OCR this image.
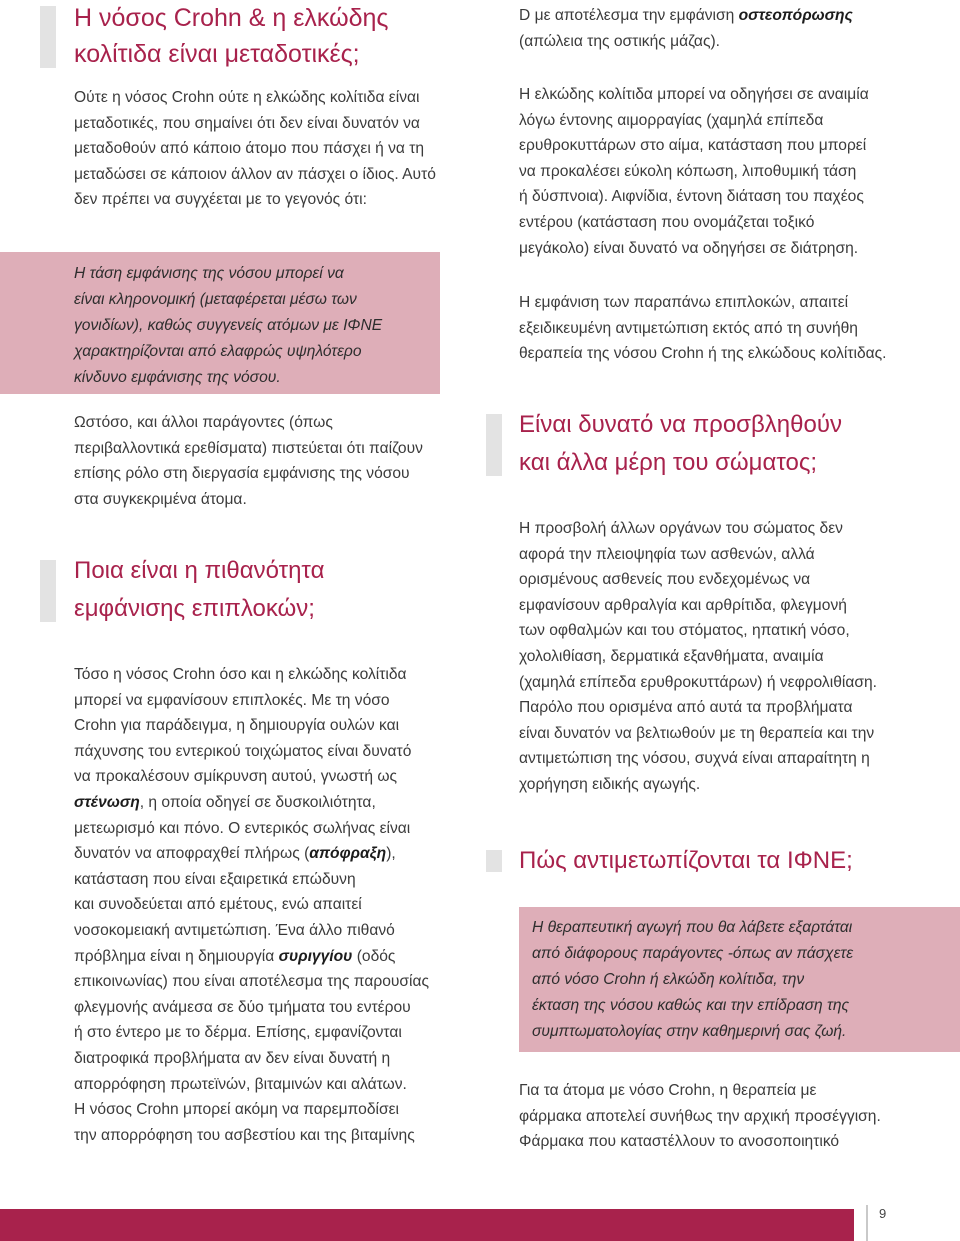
Η νόσος Crohn & η ελκώδης
κολίτιδα είναι μεταδοτικές;

Ούτε η νόσος Crohn ούτε η ελκώδης κολίτιδα είναι
μεταδοτικές, που σημαίνει ότι δεν είναι δυνατόν να
μεταδοθούν από κάποιο άτομο που πάσχει ή να τη
μεταδώσει σε κάποιον άλλον αν πάσχει ο ίδιος. Αυτό
δεν πρέπει να συγχέεται με το γεγονός ότι:

Η τάση εμφάνισης της νόσου μπορεί να
είναι κληρονομική (μεταφέρεται μέσω των
γονιδίων), καθώς συγγενείς ατόμων με ΙΦΝΕ
χαρακτηρίζονται από ελαφρώς υψηλότερο
κίνδυνο εμφάνισης της νόσου.

Ωστόσο, και άλλοι παράγοντες (όπως
περιβαλλοντικά ερεθίσματα) πιστεύεται ότι παίζουν
επίσης ρόλο στη διεργασία εμφάνισης της νόσου
στα συγκεκριμένα άτομα.

Ποια είναι η πιθανότητα
εμφάνισης επιπλοκών;

Τόσο η νόσος Crohn όσο και η ελκώδης κολίτιδα
μπορεί να εμφανίσουν επιπλοκές. Με τη νόσο
Crohn για παράδειγμα, η δημιουργία ουλών και
πάχυνσης του εντερικού τοιχώματος είναι δυνατό
να προκαλέσουν σμίκρυνση αυτού, γνωστή ως
στένωση, η οποία οδηγεί σε δυσκοιλιότητα,
μετεωρισμό και πόνο. Ο εντερικός σωλήνας είναι
δυνατόν να αποφραχθεί πλήρως (απόφραξη),
κατάσταση που είναι εξαιρετικά επώδυνη
και συνοδεύεται από εμέτους, ενώ απαιτεί
νοσοκομειακή αντιμετώπιση. Ένα άλλο πιθανό
πρόβλημα είναι η δημιουργία συριγγίου (οδός
επικοινωνίας) που είναι αποτέλεσμα της παρουσίας
φλεγμονής ανάμεσα σε δύο τμήματα του εντέρου
ή στο έντερο με το δέρμα. Επίσης, εμφανίζονται
διατροφικά προβλήματα αν δεν είναι δυνατή η
απορρόφηση πρωτεϊνών, βιταμινών και αλάτων.
Η νόσος Crohn μπορεί ακόμη να παρεμποδίσει
την απορρόφηση του ασβεστίου και της βιταμίνης

D με αποτέλεσμα την εμφάνιση οστεοπόρωσης
(απώλεια της οστικής μάζας).

Η ελκώδης κολίτιδα μπορεί να οδηγήσει σε αναιμία
λόγω έντονης αιμορραγίας (χαμηλά επίπεδα
ερυθροκυττάρων στο αίμα, κατάσταση που μπορεί
να προκαλέσει εύκολη κόπωση, λιποθυμική τάση
ή δύσπνοια). Αιφνίδια, έντονη διάταση του παχέος
εντέρου (κατάσταση που ονομάζεται τοξικό
μεγάκολο) είναι δυνατό να οδηγήσει σε διάτρηση.

Η εμφάνιση των παραπάνω επιπλοκών, απαιτεί
εξειδικευμένη αντιμετώπιση εκτός από τη συνήθη
θεραπεία της νόσου Crohn ή της ελκώδους κολίτιδας.

Είναι δυνατό να προσβληθούν
και άλλα μέρη του σώματος;

Η προσβολή άλλων οργάνων του σώματος δεν
αφορά την πλειοψηφία των ασθενών, αλλά
ορισμένους ασθενείς που ενδεχομένως να
εμφανίσουν αρθραλγία και αρθρίτιδα, φλεγμονή
των οφθαλμών και του στόματος, ηπατική νόσο,
χολολιθίαση, δερματικά εξανθήματα, αναιμία
(χαμηλά επίπεδα ερυθροκυττάρων) ή νεφρολιθίαση.
Παρόλο που ορισμένα από αυτά τα προβλήματα
είναι δυνατόν να βελτιωθούν με τη θεραπεία και την
αντιμετώπιση της νόσου, συχνά είναι απαραίτητη η
χορήγηση ειδικής αγωγής.

Πώς αντιμετωπίζονται τα ΙΦΝΕ;

Η θεραπευτική αγωγή που θα λάβετε εξαρτάται
από διάφορους παράγοντες -όπως αν πάσχετε
από νόσο Crohn ή ελκώδη κολίτιδα, την
έκταση της νόσου καθώς και την επίδραση της
συμπτωματολογίας στην καθημερινή σας ζωή.

Για τα άτομα με νόσο Crohn, η θεραπεία με
φάρμακα αποτελεί συνήθως την αρχική προσέγγιση.
Φάρμακα που καταστέλλουν το ανοσοποιητικό

9
